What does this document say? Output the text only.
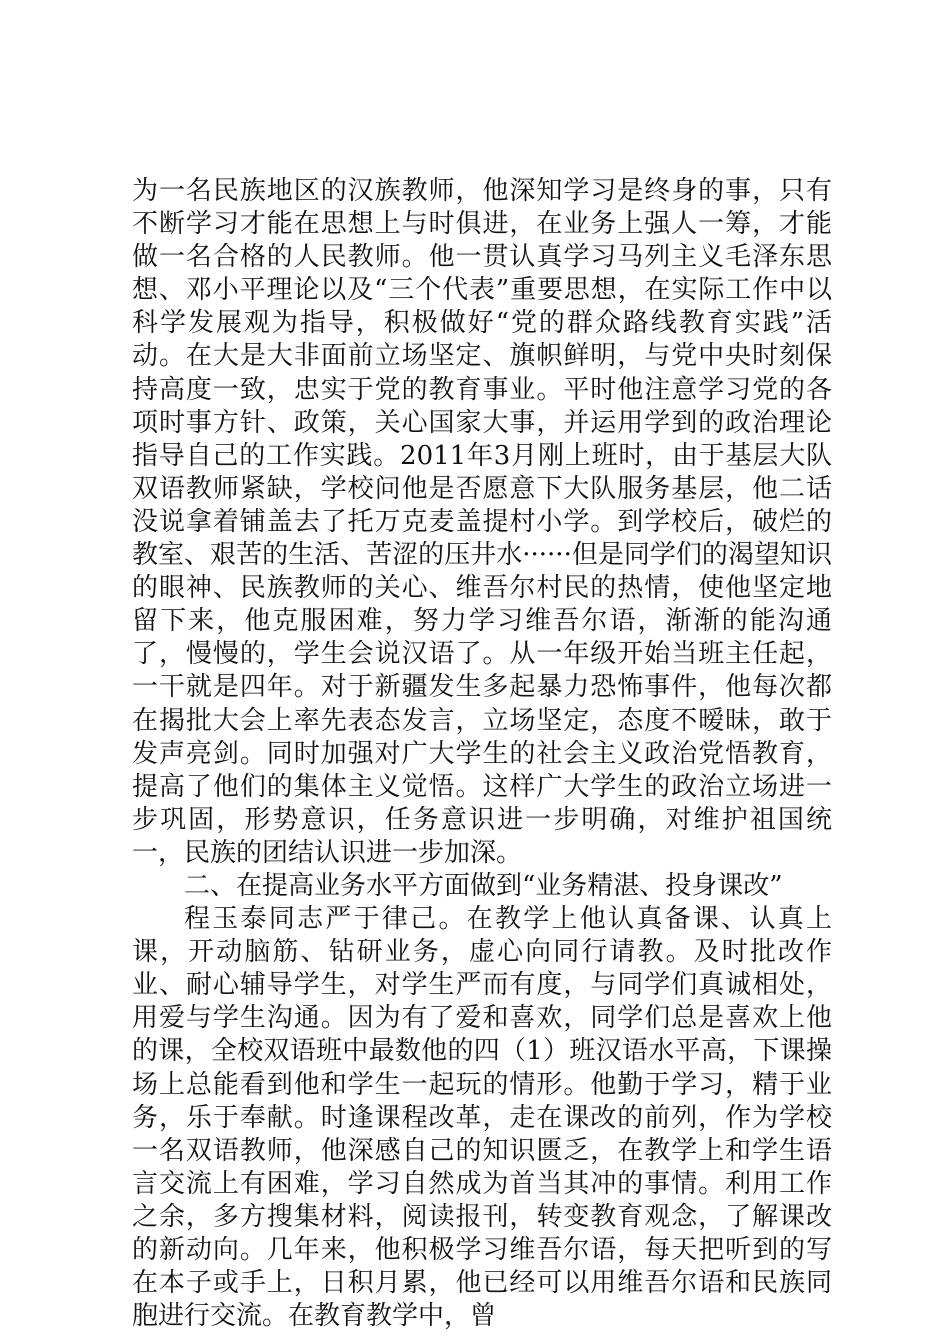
为一名民族地区的汉族教师，他深知学习是终身的事，只有不断学习才能在思想上与时俱进，在业务上强人一筹，才能做一名合格的人民教师。他一贯认真学习马列主义毛泽东思想、邓小平理论以及“三个代表”重要思想，在实际工作中以科学发展观为指导，积极做好“党的群众路线教育实践”活动。在大是大非面前立场坚定、旗帜鲜明，与党中央时刻保持高度一致，忠实于党的教育事业。平时他注意学习党的各项时事方针、政策，关心国家大事，并运用学到的政治理论指导自己的工作实践。2011年3月刚上班时，由于基层大队双语教师紧缺，学校问他是否愿意下大队服务基层，他二话没说拿着铺盖去了托万克麦盖提村小学。到学校后，破烂的教室、艰苦的生活、苦涩的压井水······但是同学们的渴望知识的眼神、民族教师的关心、维吾尔村民的热情，使他坚定地留下来，他克服困难，努力学习维吾尔语，渐渐的能沟通了，慢慢的，学生会说汉语了。从一年级开始当班主任起，一干就是四年。对于新疆发生多起暴力恐怖事件，他每次都在揭批大会上率先表态发言，立场坚定，态度不暧昧，敢于发声亮剑。同时加强对广大学生的社会主义政治党悟教育，提高了他们的集体主义觉悟。这样广大学生的政治立场进一步巩固，形势意识，任务意识进一步明确，对维护祖国统一，民族的团结认识进一步加深。

二、在提高业务水平方面做到“业务精湛、投身课改”

程玉泰同志严于律己。在教学上他认真备课、认真上课，开动脑筋、钻研业务，虚心向同行请教。及时批改作业、耐心辅导学生，对学生严而有度，与同学们真诚相处，用爱与学生沟通。因为有了爱和喜欢，同学们总是喜欢上他的课，全校双语班中最数他的四（1）班汉语水平高，下课操场上总能看到他和学生一起玩的情形。他勤于学习，精于业务，乐于奉献。时逢课程改革，走在课改的前列，作为学校一名双语教师，他深感自己的知识匮乏，在教学上和学生语言交流上有困难，学习自然成为首当其冲的事情。利用工作之余，多方搜集材料，阅读报刊，转变教育观念，了解课改的新动向。几年来，他积极学习维吾尔语，每天把听到的写在本子或手上，日积月累，他已经可以用维吾尔语和民族同胞进行交流。在教育教学中，曾
